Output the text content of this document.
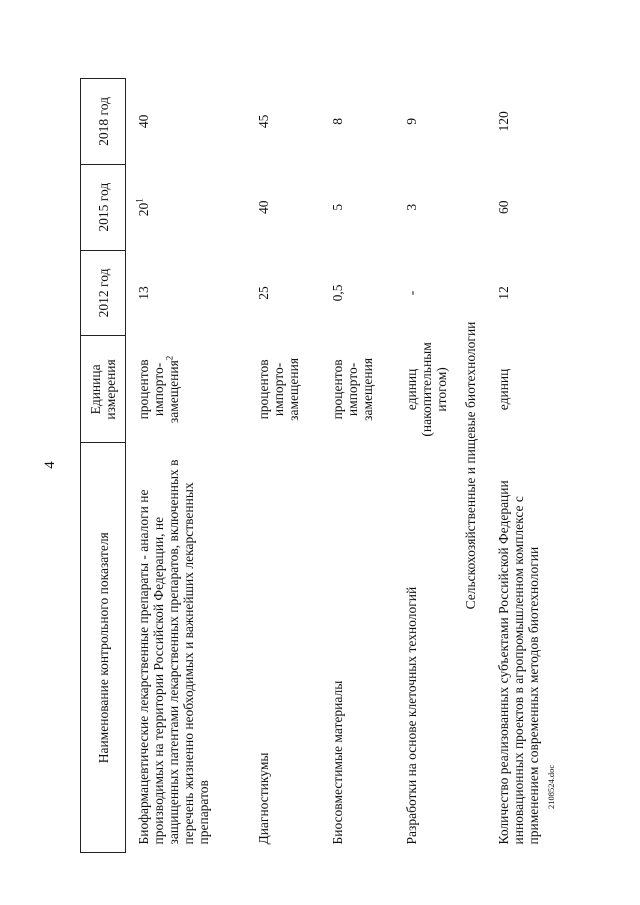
4
2108524.doc
Наименование контрольного показателя	Единица измерения	2012 год	2015 год	2018 год
Биофармацевтические лекарственные препараты - аналоги не производимых на территории Российской Федерации, не защищенных патентами лекарственных препаратов, включенных в перечень жизненно необходимых и важнейших лекарственных препаратов	процентов импорто-замещения$^2$	13	$20^1$	40
Диагностикумы	процентов импорто-замещения	25	40	45
Биосовместимые материалы	процентов импорто-замещения	0,5	5	8
Разработки на основе клеточных технологий	единиц (накопительным итогом)	-	3	9
Сельскохозяйственные и пищевые биотехнологии				
Количество реализованных субъектами Российской Федерации инновационных проектов в агропромышленном комплексе с применением современных методов биотехнологии	единиц	12	60	120
